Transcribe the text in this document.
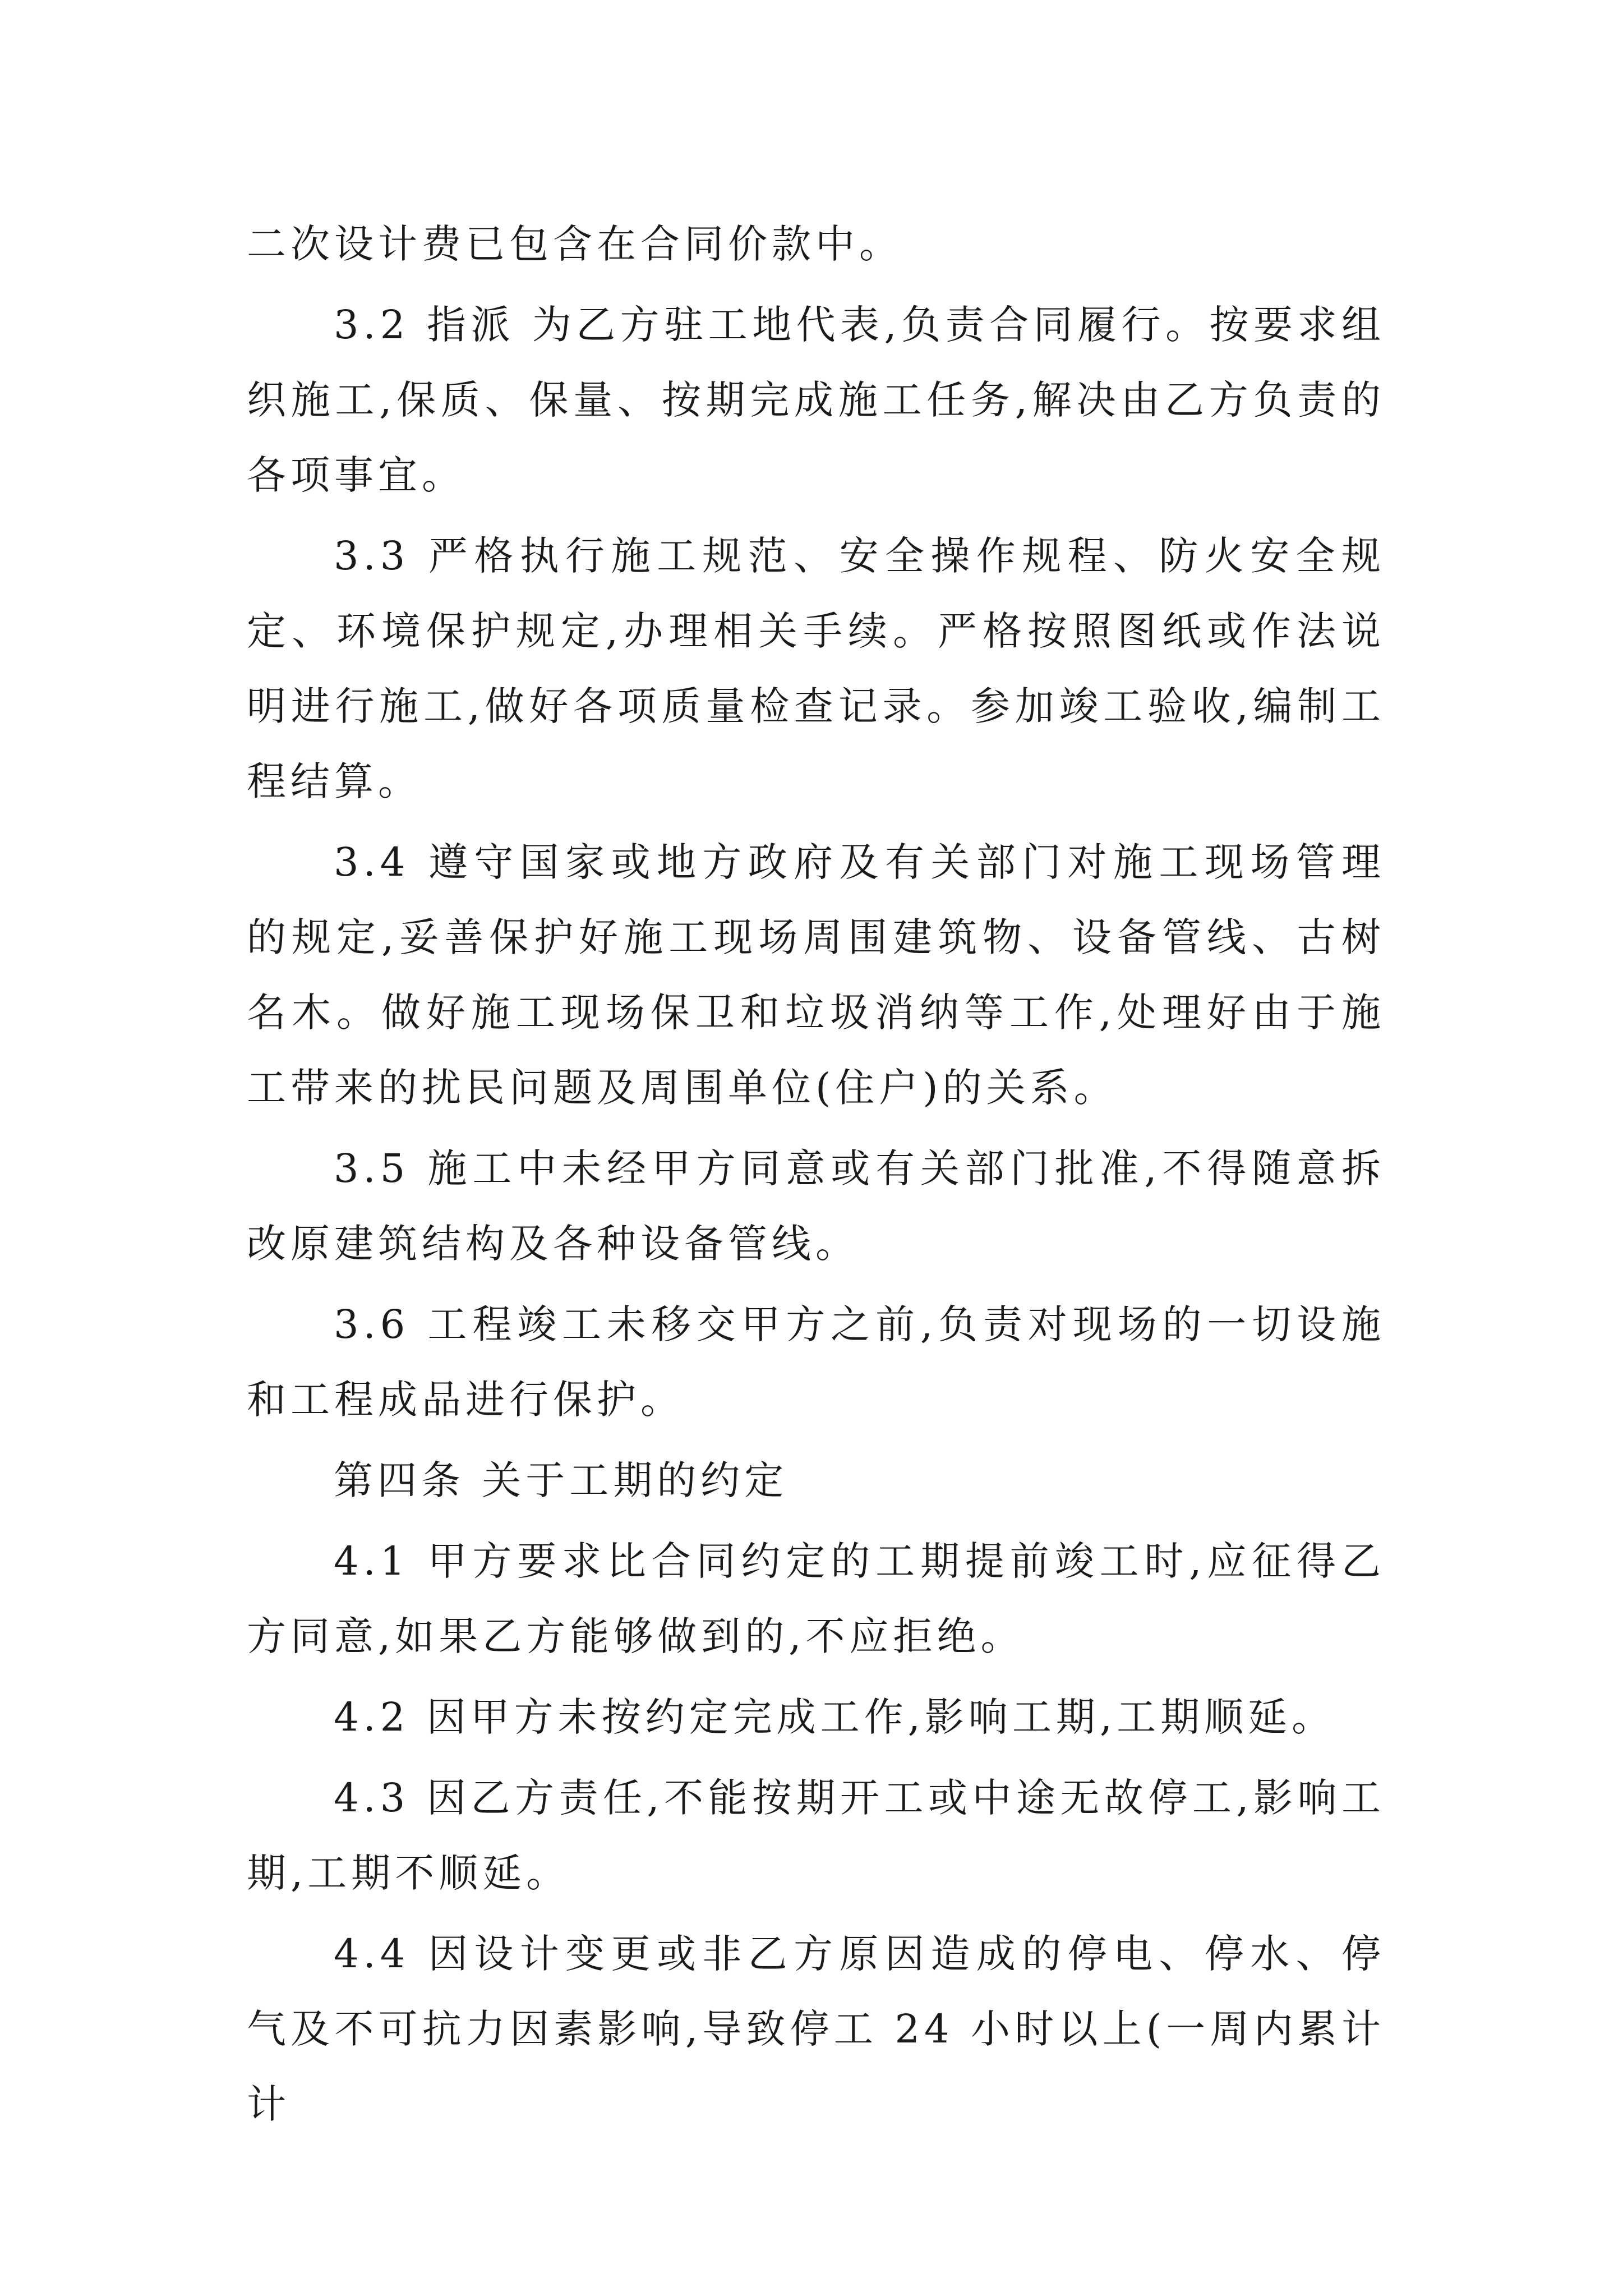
二次设计费已包含在合同价款中。

3.2 指派 为乙方驻工地代表,负责合同履行。按要求组织施工,保质、保量、按期完成施工任务,解决由乙方负责的各项事宜。

3.3 严格执行施工规范、安全操作规程、防火安全规定、环境保护规定,办理相关手续。严格按照图纸或作法说明进行施工,做好各项质量检查记录。参加竣工验收,编制工程结算。

3.4 遵守国家或地方政府及有关部门对施工现场管理的规定,妥善保护好施工现场周围建筑物、设备管线、古树名木。做好施工现场保卫和垃圾消纳等工作,处理好由于施工带来的扰民问题及周围单位(住户)的关系。

3.5 施工中未经甲方同意或有关部门批准,不得随意拆改原建筑结构及各种设备管线。

3.6 工程竣工未移交甲方之前,负责对现场的一切设施和工程成品进行保护。

第四条 关于工期的约定

4.1 甲方要求比合同约定的工期提前竣工时,应征得乙方同意,如果乙方能够做到的,不应拒绝。

4.2 因甲方未按约定完成工作,影响工期,工期顺延。

4.3 因乙方责任,不能按期开工或中途无故停工,影响工期,工期不顺延。

4.4 因设计变更或非乙方原因造成的停电、停水、停气及不可抗力因素影响,导致停工 24 小时以上(一周内累计计
